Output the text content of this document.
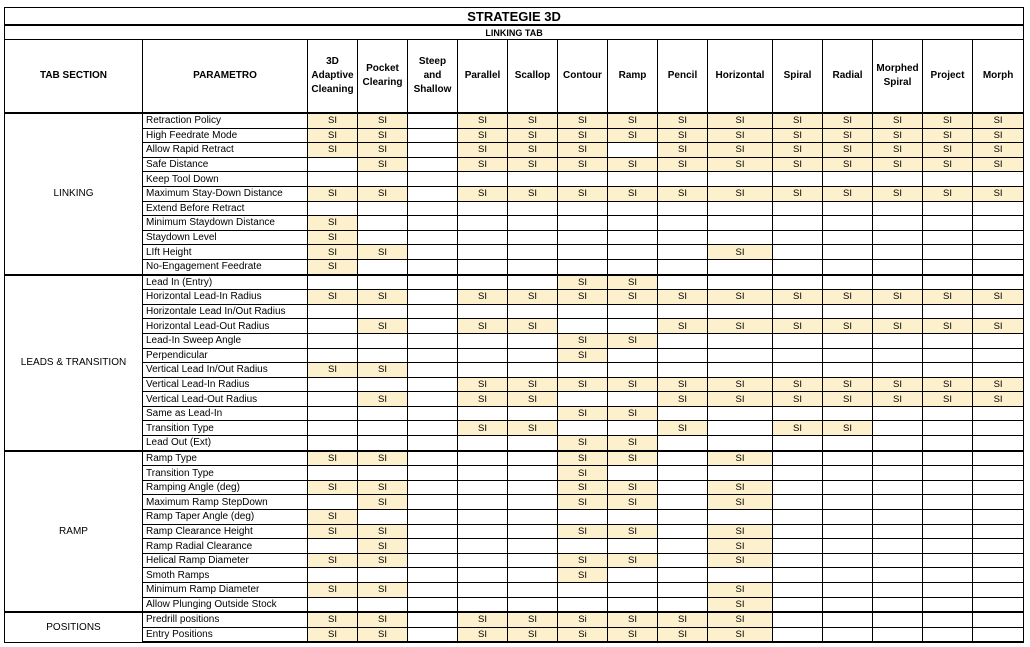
STRATEGIE 3D															
LINKING TAB															
TAB SECTION	PARAMETRO	3D Adaptive Cleaning	Pocket Clearing	Steep and Shallow	Parallel	Scallop	Contour	Ramp	Pencil	Horizontal	Spiral	Radial	Morphed Spiral	Project	Morph
LINKING	Retraction Policy	SI	SI		SI	SI	SI	SI	SI	SI	SI	SI	SI	SI	SI
	High Feedrate Mode	SI	SI		SI	SI	SI	SI	SI	SI	SI	SI	SI	SI	SI
	Allow Rapid Retract	SI	SI		SI	SI	SI		SI	SI	SI	SI	SI	SI	SI
	Safe Distance		SI		SI	SI	SI	SI	SI	SI	SI	SI	SI	SI	SI
	Keep Tool Down														
	Maximum Stay-Down Distance	SI	SI		SI	SI	SI	SI	SI	SI	SI	SI	SI	SI	SI
	Extend Before Retract														
	Minimum Staydown Distance	SI													
	Staydown Level	SI													
	LIft Height	SI	SI							SI					
	No-Engagement Feedrate	SI													
LEADS & TRANSITION	Lead In (Entry)						SI	SI							
	Horizontal Lead-In Radius	SI	SI		SI	SI	SI	SI	SI	SI	SI	SI	SI	SI	SI
	Horizontale Lead In/Out Radius														
	Horizontal Lead-Out Radius		SI		SI	SI			SI	SI	SI	SI	SI	SI	SI
	Lead-In Sweep Angle						SI	SI							
	Perpendicular						SI								
	Vertical Lead In/Out Radius	SI	SI												
	Vertical Lead-In Radius				SI	SI	SI	SI	SI	SI	SI	SI	SI	SI	SI
	Vertical Lead-Out Radius		SI		SI	SI			SI	SI	SI	SI	SI	SI	SI
	Same as Lead-In						SI	SI							
	Transition Type				SI	SI			SI		SI	SI			
	Lead Out (Ext)						SI	SI							
RAMP	Ramp Type	SI	SI				SI	SI		SI					
	Transition Type						SI								
	Ramping Angle (deg)	SI	SI				SI	SI		SI					
	Maximum Ramp StepDown		SI				SI	SI		SI					
	Ramp Taper Angle (deg)	SI													
	Ramp Clearance Height	SI	SI				SI	SI		SI					
	Ramp Radial Clearance		SI							SI					
	Helical Ramp Diameter	SI	SI				SI	SI		SI					
	Smoth Ramps						SI								
	Minimum Ramp Diameter	SI	SI							SI					
	Allow Plunging Outside Stock									SI					
POSITIONS	Predrill positions	SI	SI		SI	SI	Si	SI	SI	SI					
	Entry Positions	SI	SI		SI	SI	Si	SI	SI	SI					
